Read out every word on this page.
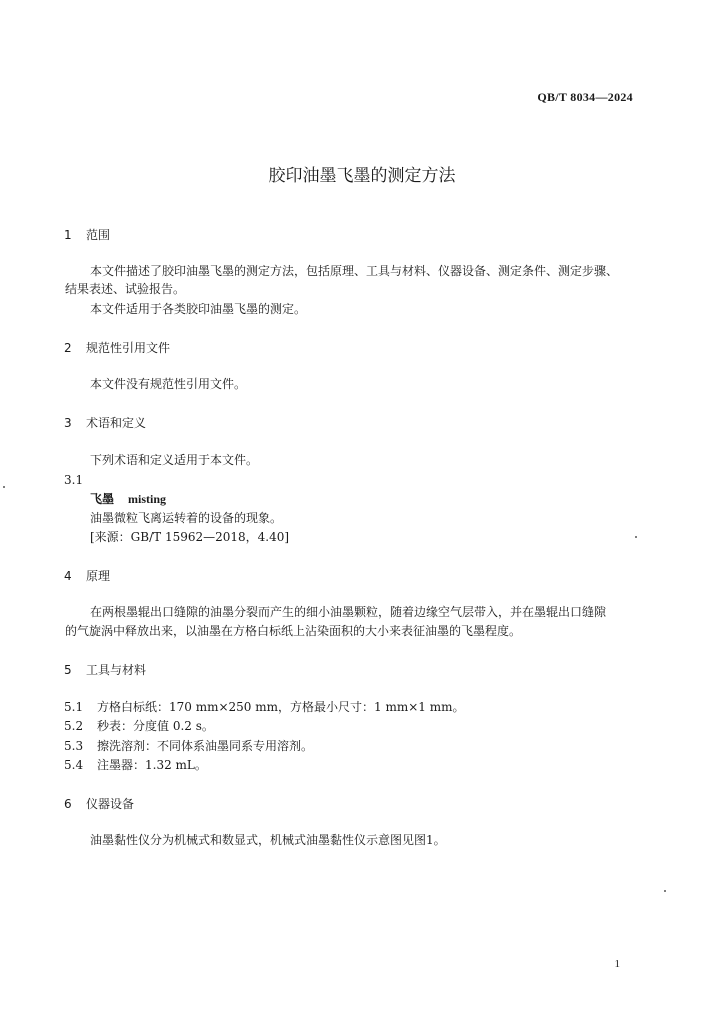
QB/T 8034—2024
胶印油墨飞墨的测定方法
1 范围
本文件描述了胶印油墨飞墨的测定方法，包括原理、工具与材料、仪器设备、测定条件、测定步骤、
结果表述、试验报告。
本文件适用于各类胶印油墨飞墨的测定。
2 规范性引用文件
本文件没有规范性引用文件。
3 术语和定义
下列术语和定义适用于本文件。
3.1
飞墨 misting
油墨微粒飞离运转着的设备的现象。
[来源：GB/T 15962—2018，4.40]
4 原理
在两根墨辊出口缝隙的油墨分裂而产生的细小油墨颗粒，随着边缘空气层带入，并在墨辊出口缝隙
的气旋涡中释放出来，以油墨在方格白标纸上沾染面积的大小来表征油墨的飞墨程度。
5 工具与材料
5.1 方格白标纸：170 mm×250 mm，方格最小尺寸：1 mm×1 mm。
5.2 秒表：分度值 0.2 s。
5.3 擦洗溶剂：不同体系油墨同系专用溶剂。
5.4 注墨器：1.32 mL。
6 仪器设备
油墨黏性仪分为机械式和数显式，机械式油墨黏性仪示意图见图1。
1
